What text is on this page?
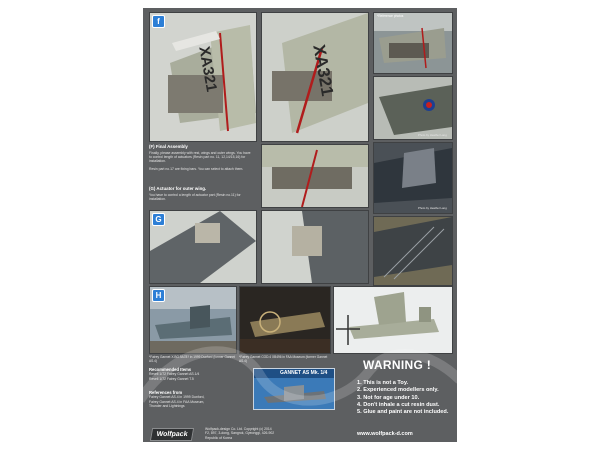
XA321
f
XA321
*Reference photos
Photo by Heather Lang
(F) Final Assembly
Finally, please assembly with rest, wings and outer wings. You have to control length of actuators (Resin part no. 11, 12,14/15,16) for installation.
Resin part no.17 are fixing bars. You can select to attach them.
(G) Actuator for outer wing.
You have to control a length of actuator part (Resin no.11) for installation.
Photo by Heather Lang
G
H
*Fairey Gannet X.BG.9A78? in 1999 Duxford (former Gannet AS.4)
*Fairey Gannet COD.4 XB496 in FAA Museum (former Gannet AS.4)
Recommended Items
Revell 1/72 Fairey Gannet AS.1/4
Revell 1/72 Fairey Gannet T.5
References from
Fairey Gannet AS.4 in 1999 Duxford,
Fairey Gannet AS.4 in FAA Museum,
Thunder and Lightnings
GANNET AS Mk. 1/4
WARNING !
1. This is not a Toy.
2. Experienced modellers only.
3. Not for age under 10.
4. Don't inhale a cut resin dust.
5. Glue and paint are not included.
Wolfpack
Wolfpack-design Co. Ltd. Copyright (c) 2014
F2, 897, 3-dong, Sangrok, Gyeonggi, 426-902
Republic of Korea
www.wolfpack-d.com
